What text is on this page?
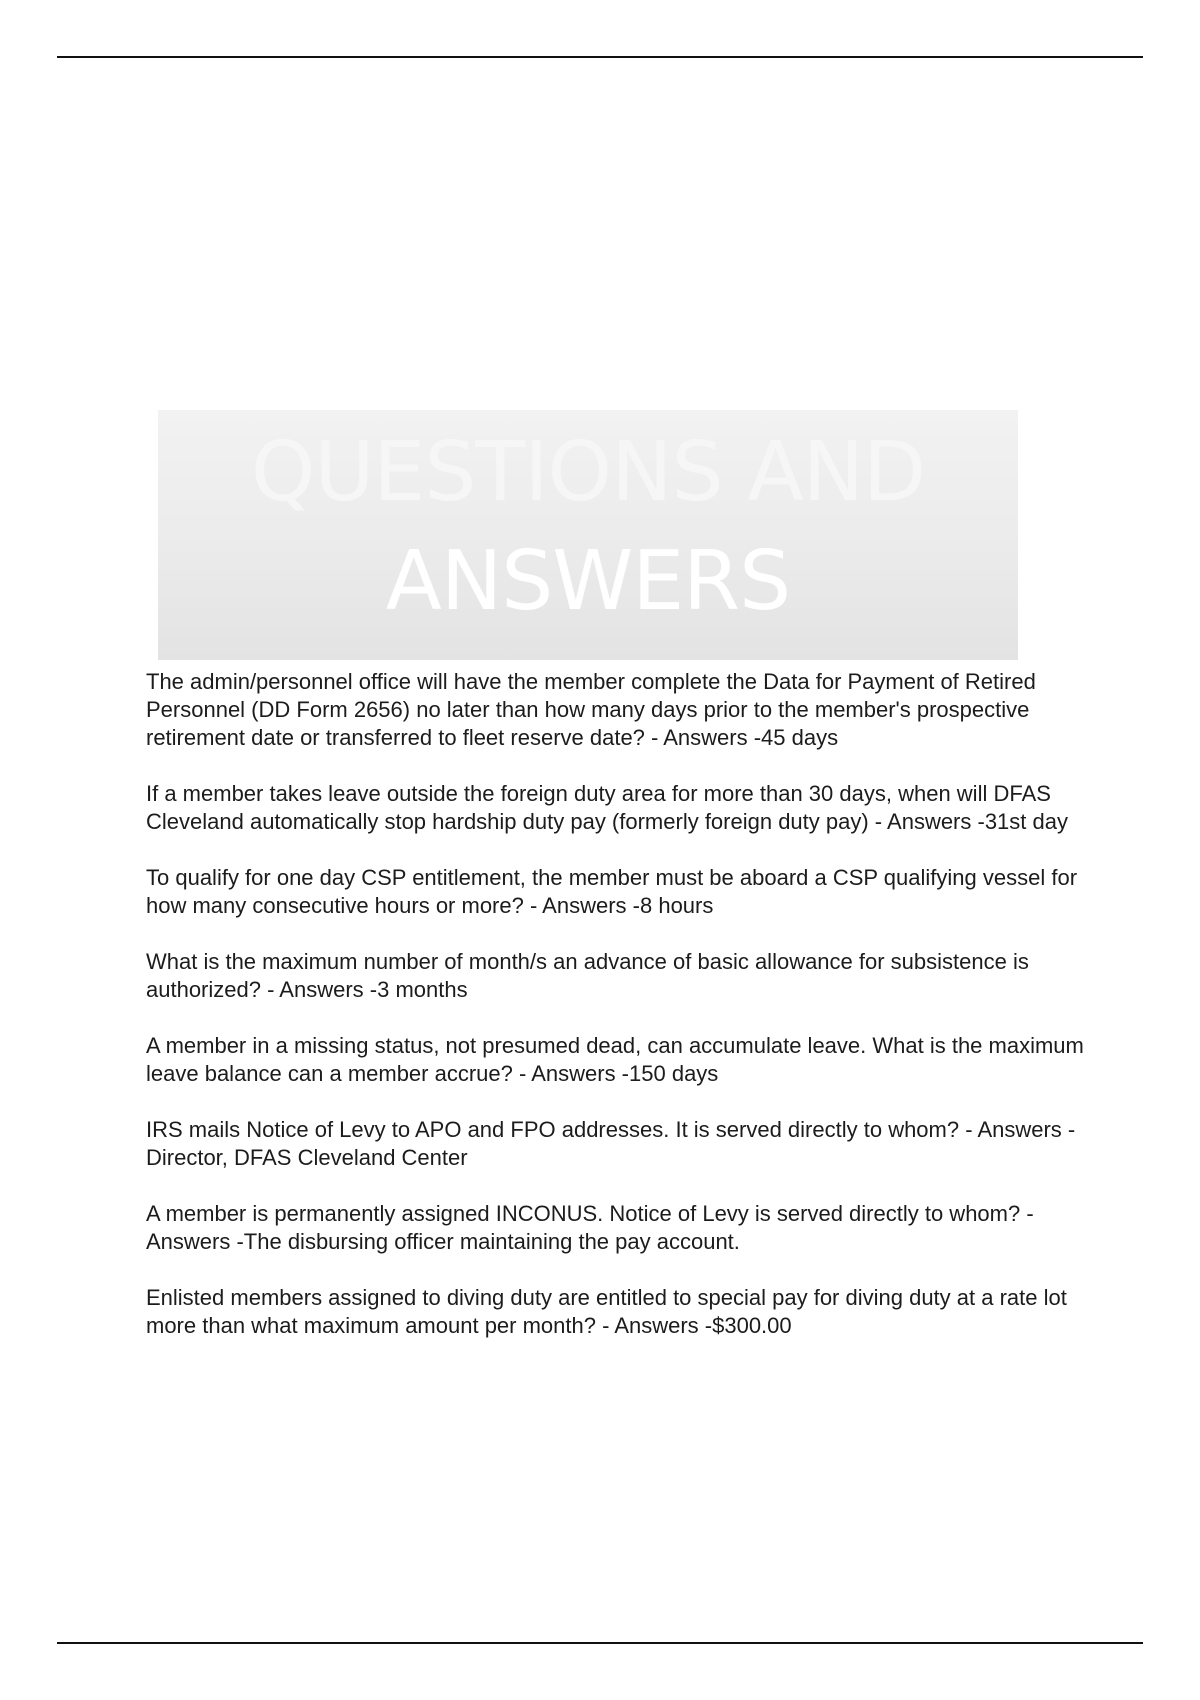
QUESTIONS AND
ANSWERS

The admin/personnel office will have the member complete the Data for Payment of Retired Personnel (DD Form 2656) no later than how many days prior to the member's prospective retirement date or transferred to fleet reserve date? - Answers -45 days

If a member takes leave outside the foreign duty area for more than 30 days, when will DFAS
Cleveland automatically stop hardship duty pay (formerly foreign duty pay) - Answers -31st day

To qualify for one day CSP entitlement, the member must be aboard a CSP qualifying vessel for how many consecutive hours or more? - Answers -8 hours

What is the maximum number of month/s an advance of basic allowance for subsistence is authorized? - Answers -3 months

A member in a missing status, not presumed dead, can accumulate leave. What is the maximum leave balance can a member accrue? - Answers -150 days

IRS mails Notice of Levy to APO and FPO addresses. It is served directly to whom? - Answers -Director, DFAS Cleveland Center

A member is permanently assigned INCONUS. Notice of Levy is served directly to whom? - Answers -The disbursing officer maintaining the pay account.

Enlisted members assigned to diving duty are entitled to special pay for diving duty at a rate lot more than what maximum amount per month? - Answers -$300.00
